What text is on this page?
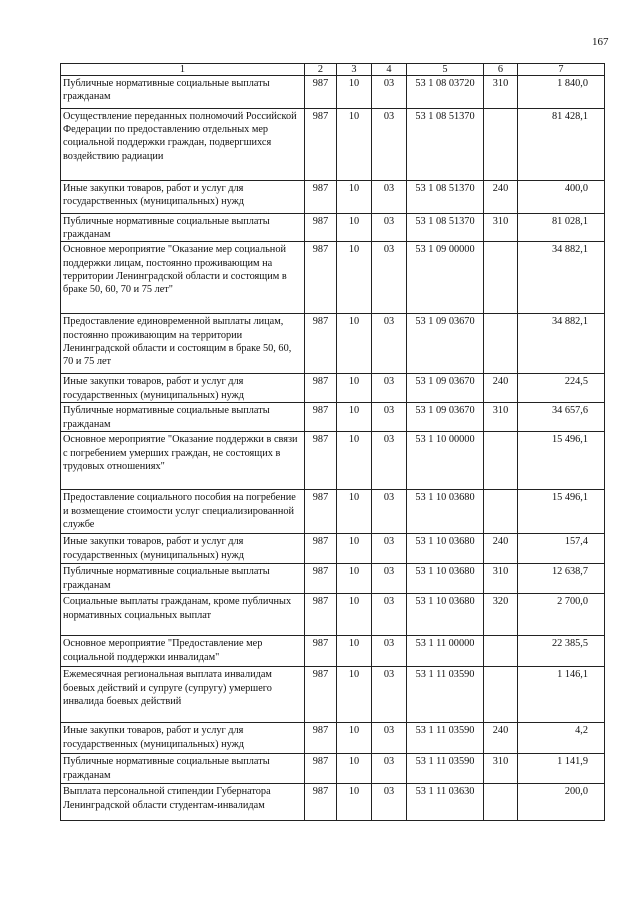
167
1	2	3	4	5	6	7
Публичные нормативные социальные выплаты гражданам	987	10	03	53 1 08 03720	310	1 840,0
Осуществление переданных полномочий Российской Федерации по предоставлению отдельных мер социальной поддержки граждан, подвергшихся воздействию радиации	987	10	03	53 1 08 51370		81 428,1
Иные закупки товаров, работ и услуг для государственных (муниципальных) нужд	987	10	03	53 1 08 51370	240	400,0
Публичные нормативные социальные выплаты гражданам	987	10	03	53 1 08 51370	310	81 028,1
Основное мероприятие "Оказание мер социальной поддержки лицам, постоянно проживающим на территории Ленинградской области и состоящим в браке 50, 60, 70 и 75 лет"	987	10	03	53 1 09 00000		34 882,1
Предоставление единовременной выплаты лицам, постоянно проживающим на территории Ленинградской области и состоящим в браке 50, 60, 70 и 75 лет	987	10	03	53 1 09 03670		34 882,1
Иные закупки товаров, работ и услуг для государственных (муниципальных) нужд	987	10	03	53 1 09 03670	240	224,5
Публичные нормативные социальные выплаты гражданам	987	10	03	53 1 09 03670	310	34 657,6
Основное мероприятие "Оказание поддержки в связи с погребением умерших граждан, не состоящих в трудовых отношениях"	987	10	03	53 1 10 00000		15 496,1
Предоставление социального пособия на погребение и возмещение стоимости услуг специализированной службе	987	10	03	53 1 10 03680		15 496,1
Иные закупки товаров, работ и услуг для государственных (муниципальных) нужд	987	10	03	53 1 10 03680	240	157,4
Публичные нормативные социальные выплаты гражданам	987	10	03	53 1 10 03680	310	12 638,7
Социальные выплаты гражданам, кроме публичных нормативных социальных выплат	987	10	03	53 1 10 03680	320	2 700,0
Основное мероприятие "Предоставление мер социальной поддержки инвалидам"	987	10	03	53 1 11 00000		22 385,5
Ежемесячная региональная выплата инвалидам боевых действий и супруге (супругу) умершего инвалида боевых действий	987	10	03	53 1 11 03590		1 146,1
Иные закупки товаров, работ и услуг для государственных (муниципальных) нужд	987	10	03	53 1 11 03590	240	4,2
Публичные нормативные социальные выплаты гражданам	987	10	03	53 1 11 03590	310	1 141,9
Выплата персональной стипендии Губернатора Ленинградской области студентам-инвалидам	987	10	03	53 1 11 03630		200,0
